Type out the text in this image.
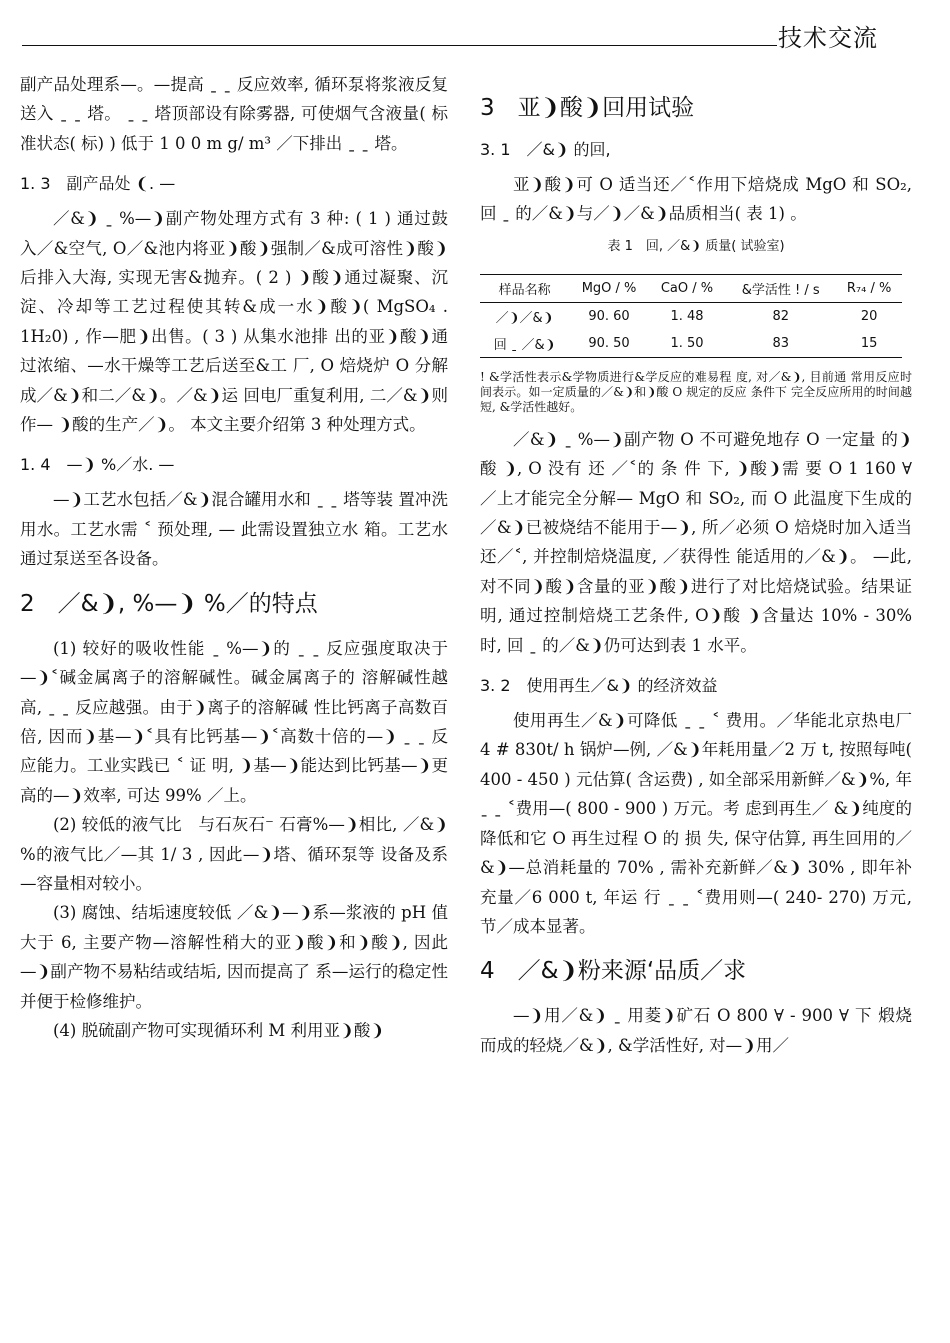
技术交流

副产品处理系—。—提高 ˍ ˍ 反应效率, 循环泵将浆液反复送入 ˍ ˍ 塔。 ˍ ˍ 塔顶部设有除雾器, 可使烟气含液量( 标准状态( 标) ) 低于 1 0 0 m g/ m³ ／下排出 ˍ ˍ 塔。

1. 3　副产品处 ❨. —

／&❩ ˍ %—❩副产物处理方式有 3 种: ( 1 ) 通过鼓入／&空气, O／&池内将亚❩酸❩强制／&成可溶性❩酸❩后排入大海, 实现无害&抛弃。( 2 ) ❩酸❩通过凝聚、沉淀、冷却等工艺过程使其转&成一水❩酸❩( MgSO₄ . 1H₂0) , 作—肥❩出售。( 3 ) 从集水池排 出的亚❩酸❩通过浓缩、—水干燥等工艺后送至&工 厂, O 焙烧炉 O 分解成／&❩和二／&❩。／&❩运 回电厂重复利用, 二／&❩则作— ❩酸的生产／❩。 本文主要介绍第 3 种处理方式。

1. 4　—❩ %／水. —

—❩工艺水包括／&❩混合罐用水和 ˍ ˍ 塔等装 置冲洗用水。工艺水需 ˂ 预处理, — 此需设置独立水 箱。工艺水通过泵送至各设备。

2　／&❩, %—❩ %／的特点

(1) 较好的吸收性能 ˍ %—❩的 ˍ ˍ 反应强度取决于—❩˂碱金属离子的溶解碱性。碱金属离子的 溶解碱性越高, ˍ ˍ 反应越强。由于❩离子的溶解碱 性比钙离子高数百倍, 因而❩基—❩˂具有比钙基—❩˂高数十倍的—❩ ˍ ˍ 反应能力。工业实践已 ˂ 证 明, ❩基—❩能达到比钙基—❩更高的—❩效率, 可达 99% ／上。

(2) 较低的液气比　与石灰石⁻ 石膏%—❩相比, ／&❩%的液气比／—其 1/ 3 , 因此—❩塔、循环泵等 设备及系—容量相对较小。

(3) 腐蚀、结垢速度较低 ／&❩—❩系—浆液的 pH 值大于 6, 主要产物—溶解性稍大的亚❩酸❩和❩酸❩, 因此—❩副产物不易粘结或结垢, 因而提高了 系—运行的稳定性并便于检修维护。

(4) 脱硫副产物可实现循环利 M 利用亚❩酸❩

3　亚❩酸❩回用试验
3. 1　／&❩ 的回,

亚❩酸❩可 O 适当还／˂作用下焙烧成 MgO 和 SO₂, 回 ˍ 的／&❩与／❩／&❩品质相当( 表 1) 。

表 1　回, ／&❩ 质量( 试验室)
样品名称	MgO / %	CaO / %	&学活性 ! / s	R₇₄ / %
／❩／&❩	90. 60	1. 48	82	20
回 ˍ ／&❩	90. 50	1. 50	83	15
! &学活性表示&学物质进行&学反应的难易程 度, 对／&❩, 目前通 常用反应时间表示。如一定质量的／&❩和❩酸 O 规定的反应 条件下 完全反应所用的时间越短, &学活性越好。

／&❩ ˍ %—❩副产物 O 不可避免地存 O 一定量 的❩酸 ❩, O 没有 还 ／˂的 条 件 下, ❩酸❩需 要 O 1 160 ∀ ／上才能完全分解— MgO 和 SO₂, 而 O 此温度下生成的／&❩已被烧结不能用于—❩, 所／必须 O 焙烧时加入适当还／˂, 并控制焙烧温度, ／获得性 能适用的／&❩。 —此, 对不同❩酸❩含量的亚❩酸❩进行了对比焙烧试验。结果证明, 通过控制焙烧工艺条件, O❩酸 ❩含量达 10% - 30% 时, 回 ˍ 的／&❩仍可达到表 1 水平。

3. 2　使用再生／&❩ 的经济效益

使用再生／&❩可降低 ˍ ˍ ˂ 费用。／华能北京热电厂 4 # 830t/ h 锅炉—例, ／&❩年耗用量／2 万 t, 按照每吨( 400 - 450 ) 元估算( 含运费) , 如全部采用新鲜／&❩%, 年 ˍ ˍ ˂费用—( 800 - 900 ) 万元。考 虑到再生／ &❩纯度的降低和它 O 再生过程 O 的 损 失, 保守估算, 再生回用的／&❩—总消耗量的 70% , 需补充新鲜／&❩ 30% , 即年补充量／6 000 t, 年运 行 ˍ ˍ ˂费用则—( 240- 270) 万元, 节／成本显著。

4　／&❩粉来源‘品质／求

—❩用／&❩ ˍ 用菱❩矿石 O 800 ∀ - 900 ∀ 下 煅烧而成的轻烧／&❩, &学活性好, 对—❩用／
